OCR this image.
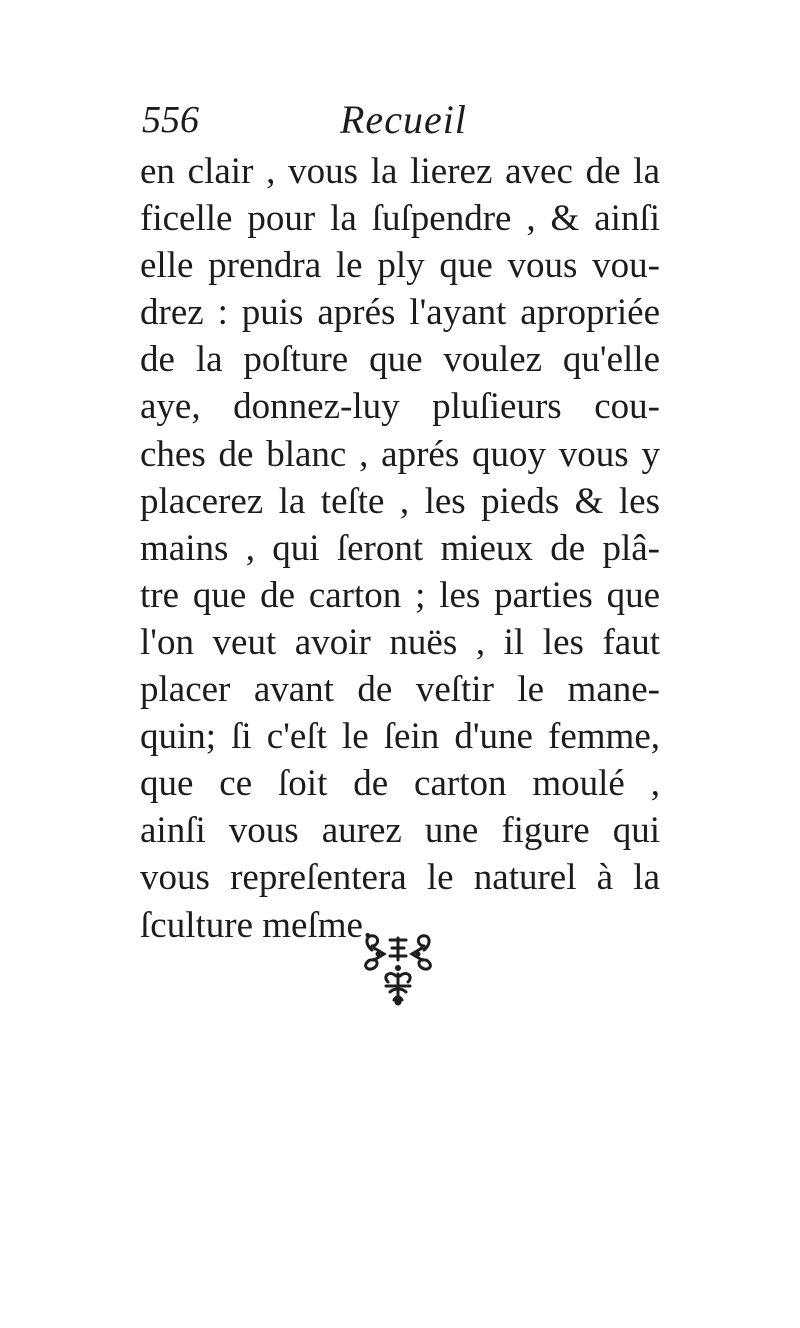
556	Recueil
en clair , vous la lierez avec de la
ficelle pour la ſuſpendre , & ainſi
elle prendra le ply que vous vou-
drez : puis aprés l'ayant apropriée
de la poſture que voulez qu'elle
aye, donnez-luy pluſieurs cou-
ches de blanc , aprés quoy vous y
placerez la teſte , les pieds & les
mains , qui ſeront mieux de plâ-
tre que de carton ; les parties que
l'on veut avoir nuës , il les faut
placer avant de veſtir le mane-
quin; ſi c'eſt le ſein d'une femme,
que ce ſoit de carton moulé ,
ainſi vous aurez une figure qui
vous repreſentera le naturel à la
ſculture meſme.
